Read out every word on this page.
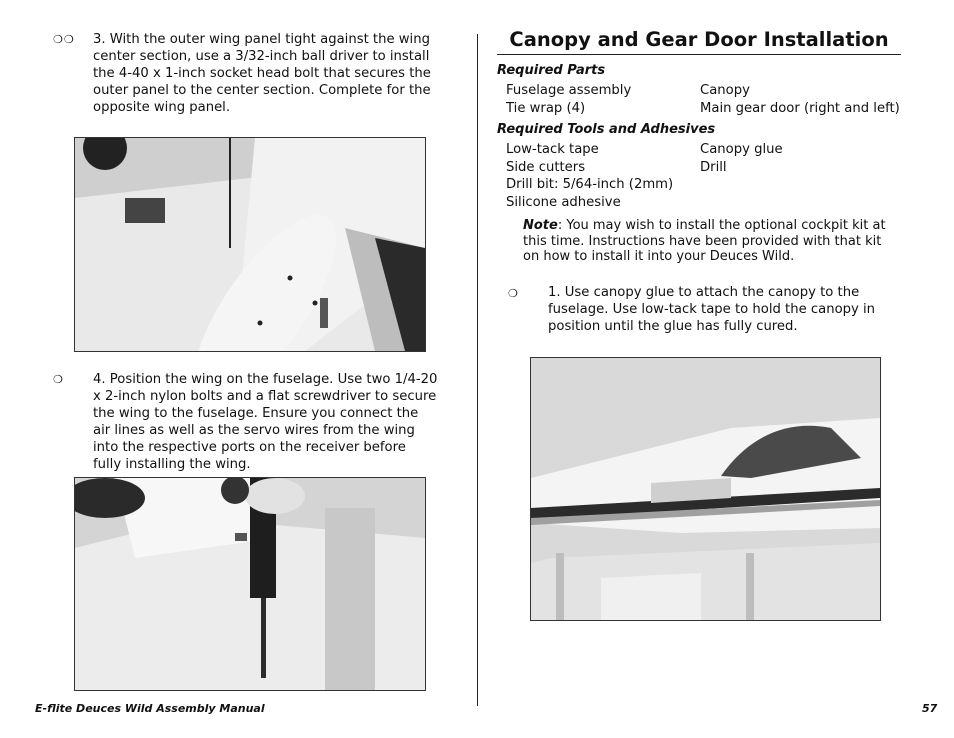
❍❍ 3. With the outer wing panel tight against the wing center section, use a 3/32-inch ball driver to install the 4-40 x 1-inch socket head bolt that secures the outer panel to the center section. Complete for the opposite wing panel.
❍ 4. Position the wing on the fuselage. Use two 1/4-20 x 2-inch nylon bolts and a flat screwdriver to secure the wing to the fuselage. Ensure you connect the air lines as well as the servo wires from the wing into the respective ports on the receiver before fully installing the wing.
E-flite Deuces Wild Assembly Manual
Canopy and Gear Door Installation
Required Parts
Fuselage assembly
Tie wrap (4)
Canopy
Main gear door (right and left)
Required Tools and Adhesives
Low-tack tape
Side cutters
Drill bit: 5/64-inch (2mm)
Silicone adhesive
Canopy glue
Drill
Note: You may wish to install the optional cockpit kit at this time. Instructions have been provided with that kit on how to install it into your Deuces Wild.
❍ 1. Use canopy glue to attach the canopy to the fuselage. Use low-tack tape to hold the canopy in position until the glue has fully cured.
57
